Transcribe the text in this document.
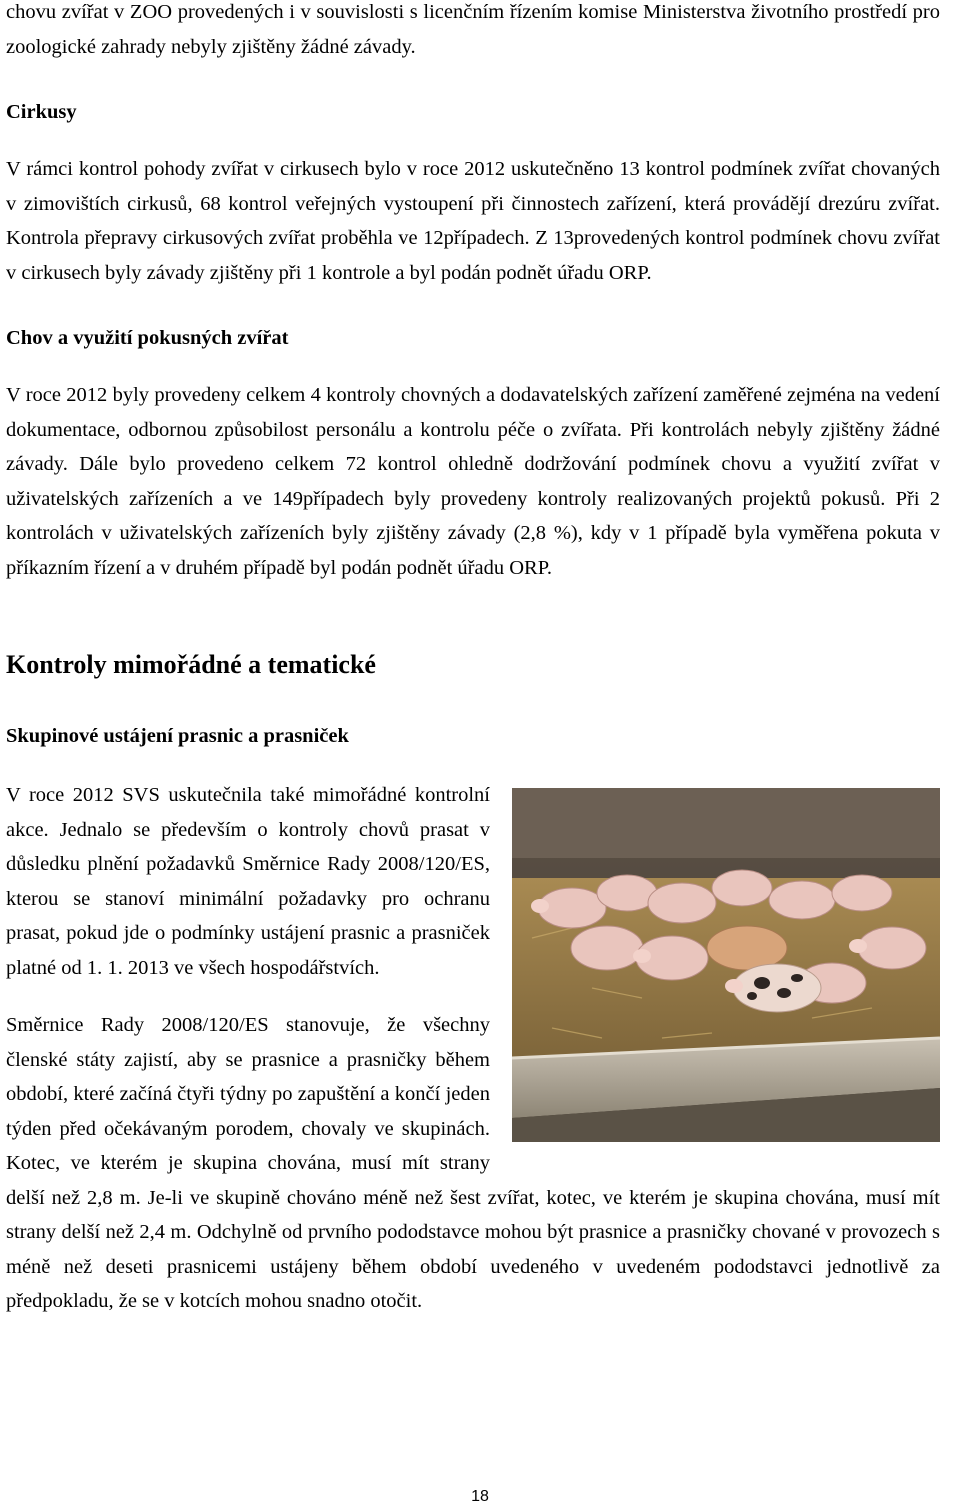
chovu zvířat v ZOO provedených i v souvislosti s licenčním řízením komise Ministerstva životního prostředí pro zoologické zahrady nebyly zjištěny žádné závady.

Cirkusy

V rámci kontrol pohody zvířat v cirkusech bylo v roce 2012 uskutečněno 13 kontrol podmínek zvířat chovaných v zimovištích cirkusů, 68 kontrol veřejných vystoupení při činnostech zařízení, která provádějí drezúru zvířat. Kontrola přepravy cirkusových zvířat proběhla ve 12případech. Z 13provedených kontrol podmínek chovu zvířat v cirkusech byly závady zjištěny při 1 kontrole a byl podán podnět úřadu ORP.

Chov a využití pokusných zvířat

V roce 2012 byly provedeny celkem 4 kontroly chovných a dodavatelských zařízení zaměřené zejména na vedení dokumentace, odbornou způsobilost personálu a kontrolu péče o zvířata. Při kontrolách nebyly zjištěny žádné závady. Dále bylo provedeno celkem 72 kontrol ohledně dodržování podmínek chovu a využití zvířat v uživatelských zařízeních a ve 149případech byly provedeny kontroly realizovaných projektů pokusů. Při 2 kontrolách v uživatelských zařízeních byly zjištěny závady (2,8 %), kdy v 1 případě byla vyměřena pokuta v příkazním řízení a v druhém případě byl podán podnět úřadu ORP.

Kontroly mimořádné a tematické
Skupinové ustájení prasnic a prasniček

V roce 2012 SVS uskutečnila také mimořádné kontrolní akce. Jednalo se především o kontroly chovů prasat v důsledku plnění požadavků Směrnice Rady 2008/120/ES, kterou se stanoví minimální požadavky pro ochranu prasat, pokud jde o podmínky ustájení prasnic a prasniček platné od 1. 1. 2013 ve všech hospodářstvích.

Směrnice Rady 2008/120/ES stanovuje, že všechny členské státy zajistí, aby se prasnice a prasničky během období, které začíná čtyři týdny po zapuštění a končí jeden týden před očekávaným porodem, chovaly ve skupinách. Kotec, ve kterém je skupina chována, musí mít strany delší než 2,8 m. Je-li ve skupině chováno méně než šest zvířat, kotec, ve kterém je skupina chována, musí mít strany delší než 2,4 m. Odchylně od prvního pododstavce mohou být prasnice a prasničky chované v provozech s méně než deseti prasnicemi ustájeny během období uvedeného v uvedeném pododstavci jednotlivě za předpokladu, že se v kotcích mohou snadno otočit.

18
